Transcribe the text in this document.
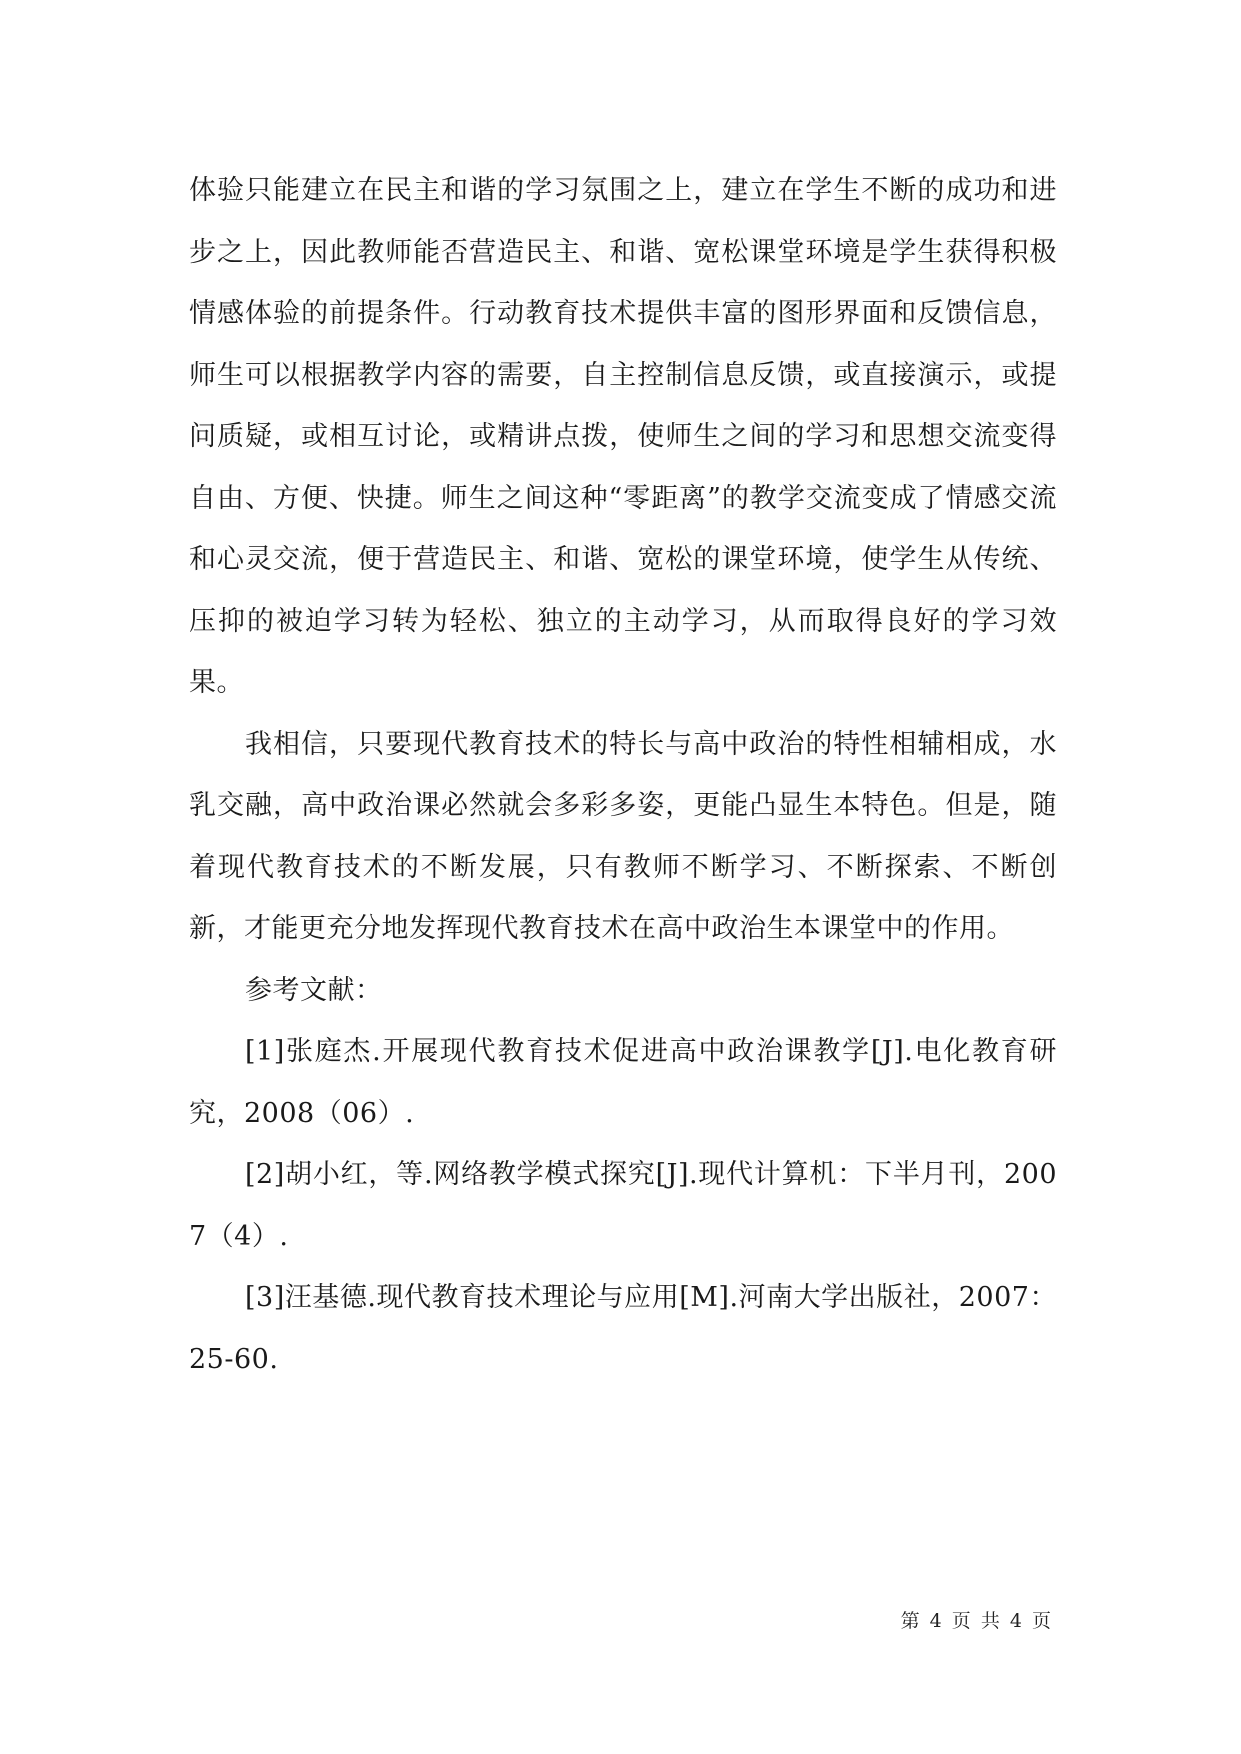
体验只能建立在民主和谐的学习氛围之上，建立在学生不断的成功和进步之上，因此教师能否营造民主、和谐、宽松课堂环境是学生获得积极情感体验的前提条件。行动教育技术提供丰富的图形界面和反馈信息，师生可以根据教学内容的需要，自主控制信息反馈，或直接演示，或提问质疑，或相互讨论，或精讲点拨，使师生之间的学习和思想交流变得自由、方便、快捷。师生之间这种“零距离”的教学交流变成了情感交流和心灵交流，便于营造民主、和谐、宽松的课堂环境，使学生从传统、压抑的被迫学习转为轻松、独立的主动学习，从而取得良好的学习效果。

我相信，只要现代教育技术的特长与高中政治的特性相辅相成，水乳交融，高中政治课必然就会多彩多姿，更能凸显生本特色。但是，随着现代教育技术的不断发展，只有教师不断学习、不断探索、不断创新，才能更充分地发挥现代教育技术在高中政治生本课堂中的作用。

参考文献：

[1]张庭杰.开展现代教育技术促进高中政治课教学[J].电化教育研究，2008（06）.

[2]胡小红，等.网络教学模式探究[J].现代计算机：下半月刊，2007（4）.

[3]汪基德.现代教育技术理论与应用[M].河南大学出版社，2007：25-60.

第 4 页 共 4 页
